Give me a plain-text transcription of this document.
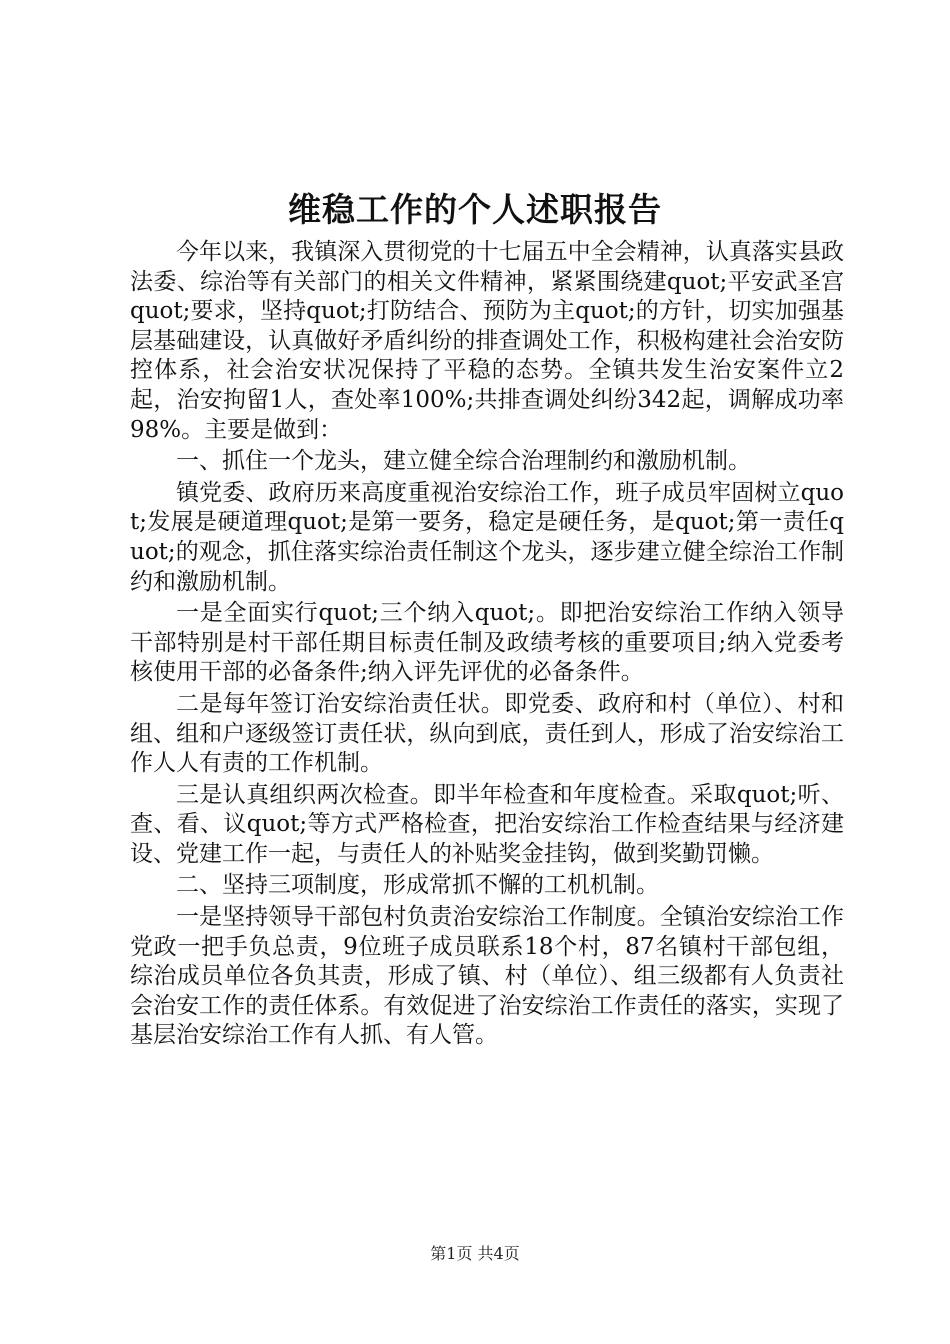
维稳工作的个人述职报告

今年以来，我镇深入贯彻党的十七届五中全会精神，认真落实县政法委、综治等有关部门的相关文件精神，紧紧围绕建quot;平安武圣宫quot;要求，坚持quot;打防结合、预防为主quot;的方针，切实加强基层基础建设，认真做好矛盾纠纷的排查调处工作，积极构建社会治安防控体系，社会治安状况保持了平稳的态势。全镇共发生治安案件立2起，治安拘留1人，查处率100%;共排查调处纠纷342起，调解成功率98%。主要是做到：

一、抓住一个龙头，建立健全综合治理制约和激励机制。

镇党委、政府历来高度重视治安综治工作，班子成员牢固树立quot;发展是硬道理quot;是第一要务，稳定是硬任务，是quot;第一责任quot;的观念，抓住落实综治责任制这个龙头，逐步建立健全综治工作制约和激励机制。

一是全面实行quot;三个纳入quot;。即把治安综治工作纳入领导干部特别是村干部任期目标责任制及政绩考核的重要项目;纳入党委考核使用干部的必备条件;纳入评先评优的必备条件。

二是每年签订治安综治责任状。即党委、政府和村（单位）、村和组、组和户逐级签订责任状，纵向到底，责任到人，形成了治安综治工作人人有责的工作机制。

三是认真组织两次检查。即半年检查和年度检查。采取quot;听、查、看、议quot;等方式严格检查，把治安综治工作检查结果与经济建设、党建工作一起，与责任人的补贴奖金挂钩，做到奖勤罚懒。

二、坚持三项制度，形成常抓不懈的工机机制。

一是坚持领导干部包村负责治安综治工作制度。全镇治安综治工作党政一把手负总责，9位班子成员联系18个村，87名镇村干部包组，综治成员单位各负其责，形成了镇、村（单位）、组三级都有人负责社会治安工作的责任体系。有效促进了治安综治工作责任的落实，实现了基层治安综治工作有人抓、有人管。

第1页 共4页
